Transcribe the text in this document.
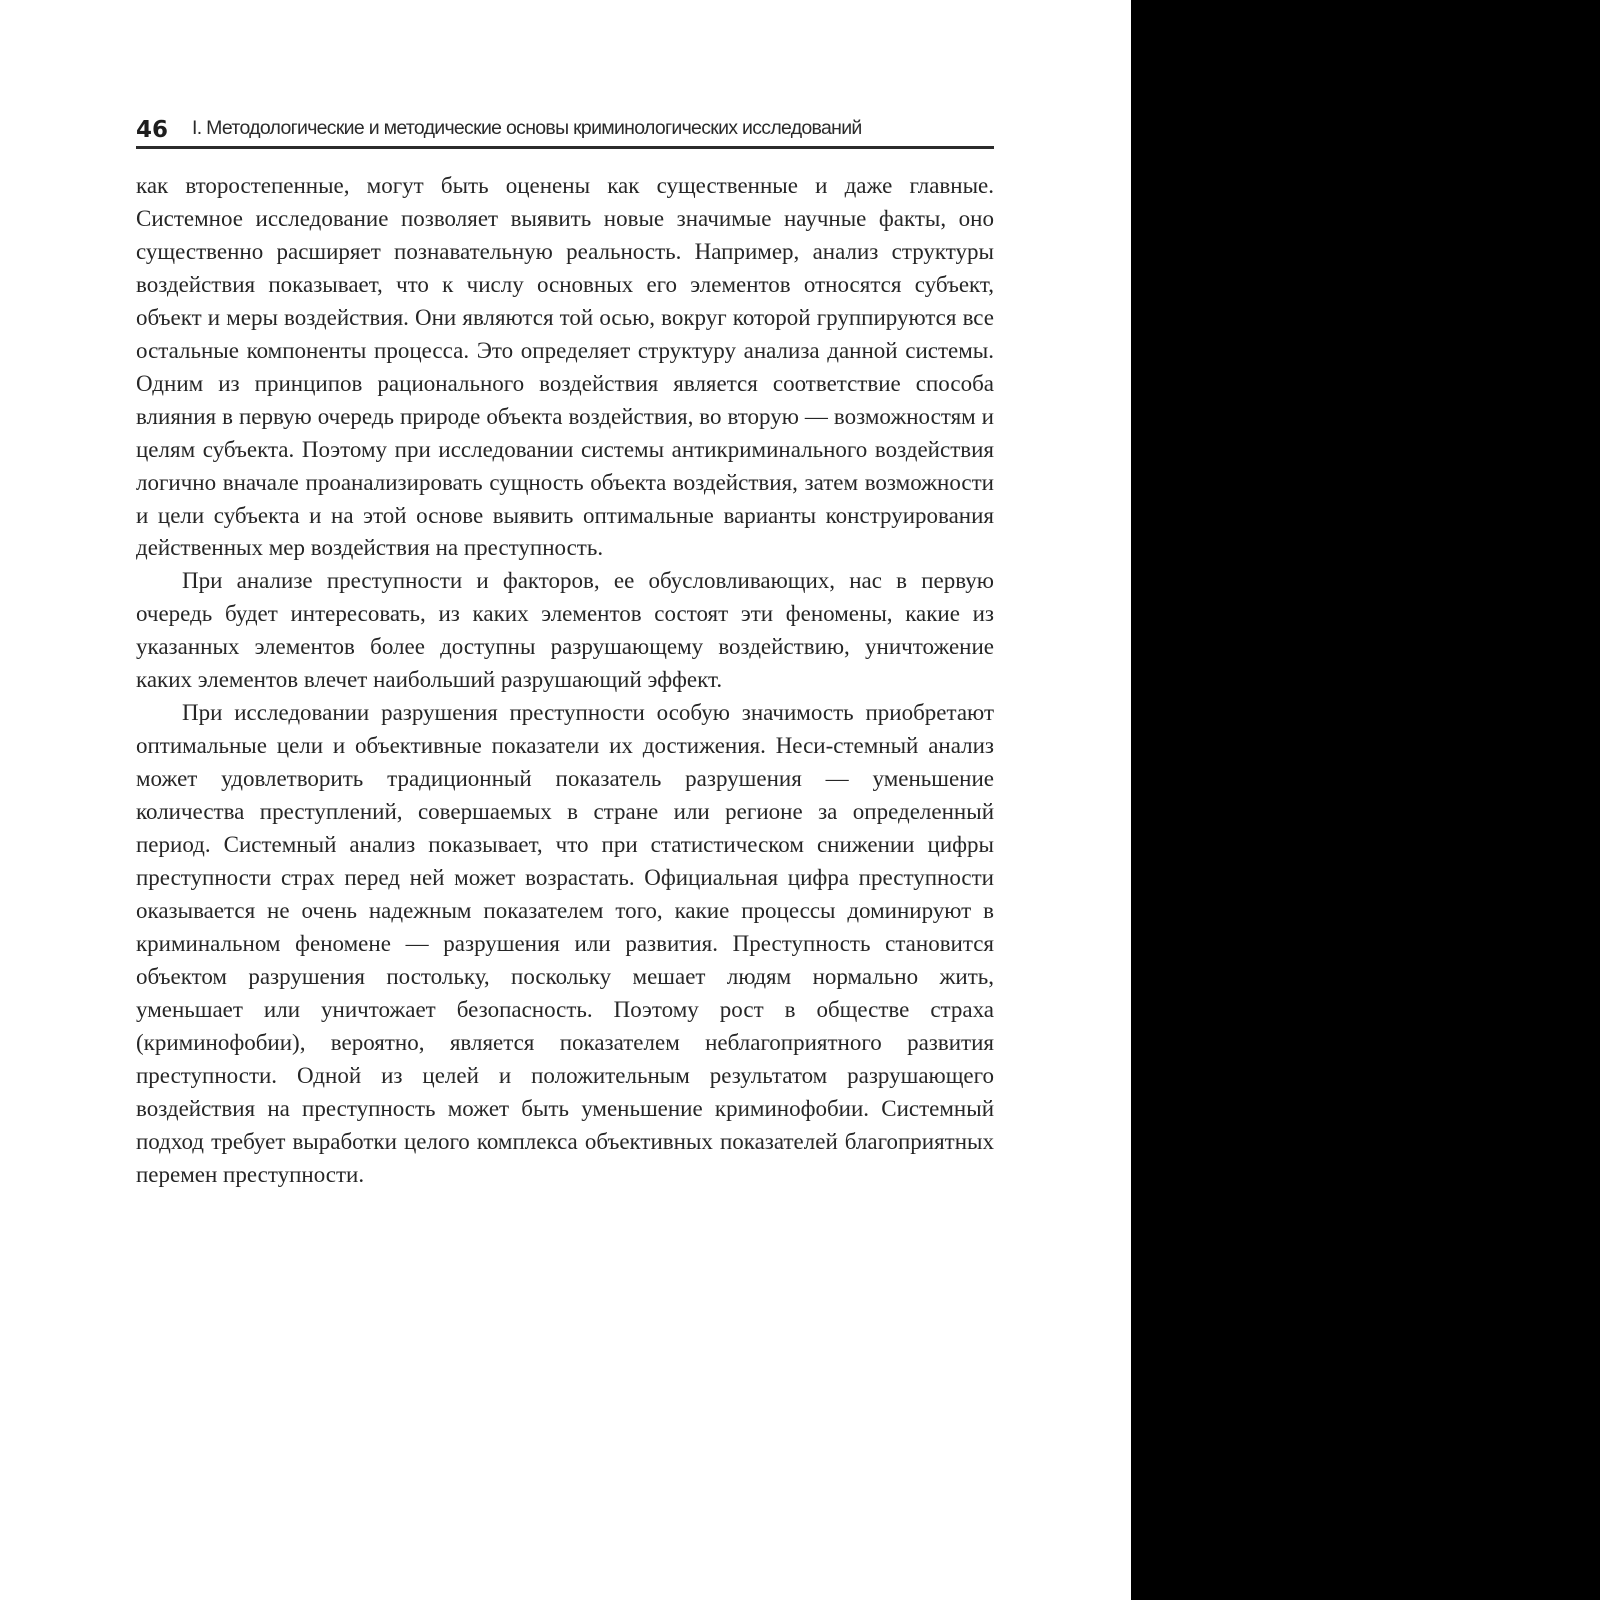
46 I. Методологические и методические основы криминологических исследований

как второстепенные, могут быть оценены как существенные и даже главные. Системное исследование позволяет выявить новые значимые научные факты, оно существенно расширяет познавательную реальность. Например, анализ структуры воздействия показывает, что к числу основных его элементов относятся субъект, объект и меры воздействия. Они являются той осью, вокруг которой группируются все остальные компоненты процесса. Это определяет структуру анализа данной системы. Одним из принципов рационального воздействия является соответствие способа влияния в первую очередь природе объекта воздействия, во вторую — возможностям и целям субъекта. Поэтому при исследовании системы антикриминального воздействия логично вначале проанализировать сущность объекта воздействия, затем возможности и цели субъекта и на этой основе выявить оптимальные варианты конструирования действенных мер воздействия на преступность.

При анализе преступности и факторов, ее обусловливающих, нас в первую очередь будет интересовать, из каких элементов состоят эти феномены, какие из указанных элементов более доступны разрушающему воздействию, уничтожение каких элементов влечет наибольший разрушающий эффект.

При исследовании разрушения преступности особую значимость приобретают оптимальные цели и объективные показатели их достижения. Неси-стемный анализ может удовлетворить традиционный показатель разрушения — уменьшение количества преступлений, совершаемых в стране или регионе за определенный период. Системный анализ показывает, что при статистическом снижении цифры преступности страх перед ней может возрастать. Официальная цифра преступности оказывается не очень надежным показателем того, какие процессы доминируют в криминальном феномене — разрушения или развития. Преступность становится объектом разрушения постольку, поскольку мешает людям нормально жить, уменьшает или уничтожает безопасность. Поэтому рост в обществе страха (криминофобии), вероятно, является показателем неблагоприятного развития преступности. Одной из целей и положительным результатом разрушающего воздействия на преступность может быть уменьшение криминофобии. Системный подход требует выработки целого комплекса объективных показателей благоприятных перемен преступности.
